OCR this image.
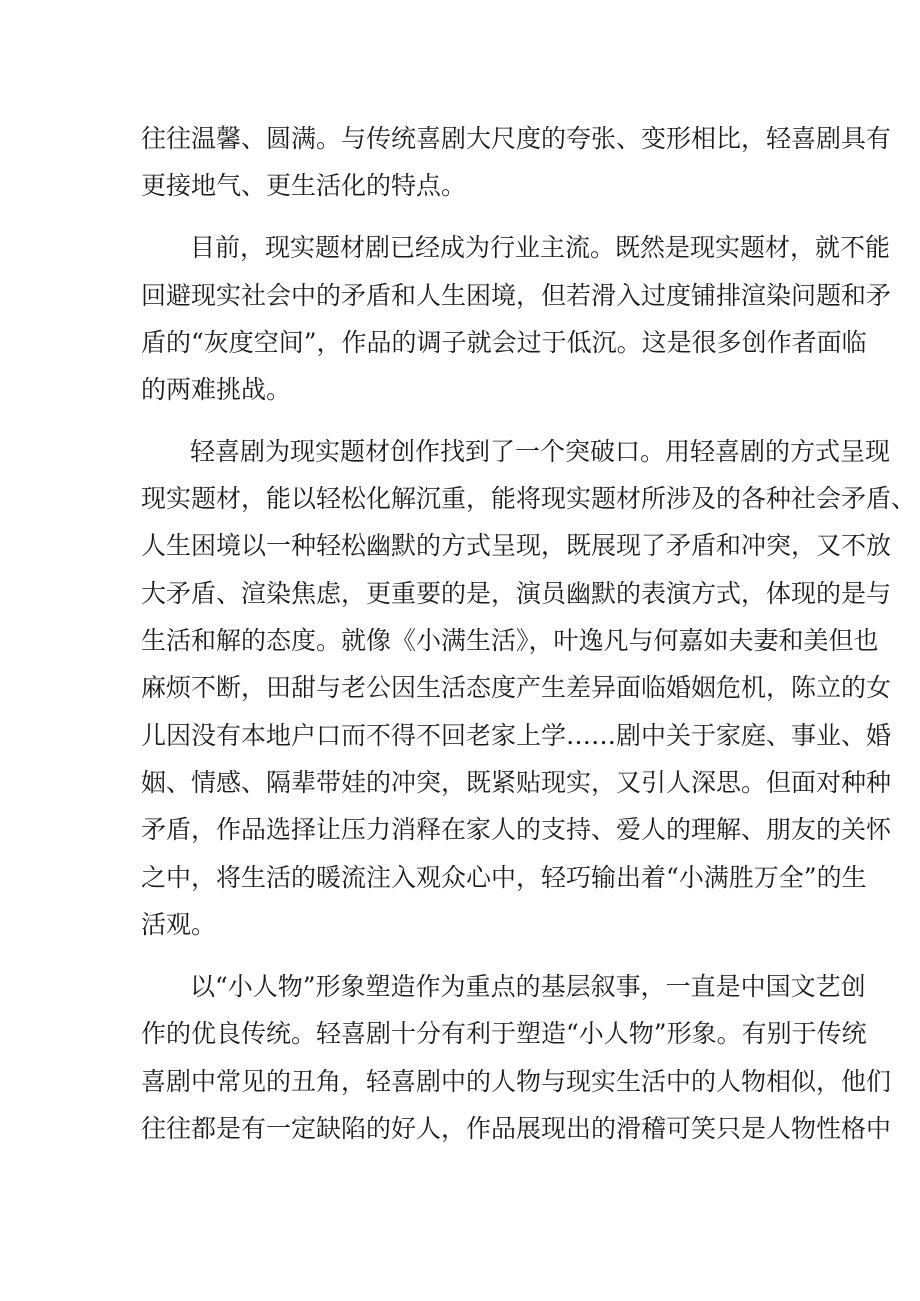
往往温馨、圆满。与传统喜剧大尺度的夸张、变形相比，轻喜剧具有
更接地气、更生活化的特点。
目前，现实题材剧已经成为行业主流。既然是现实题材，就不能
回避现实社会中的矛盾和人生困境，但若滑入过度铺排渲染问题和矛
盾的“灰度空间”，作品的调子就会过于低沉。这是很多创作者面临
的两难挑战。
轻喜剧为现实题材创作找到了一个突破口。用轻喜剧的方式呈现
现实题材，能以轻松化解沉重，能将现实题材所涉及的各种社会矛盾、
人生困境以一种轻松幽默的方式呈现，既展现了矛盾和冲突，又不放
大矛盾、渲染焦虑，更重要的是，演员幽默的表演方式，体现的是与
生活和解的态度。就像《小满生活》，叶逸凡与何嘉如夫妻和美但也
麻烦不断，田甜与老公因生活态度产生差异面临婚姻危机，陈立的女
儿因没有本地户口而不得不回老家上学……剧中关于家庭、事业、婚
姻、情感、隔辈带娃的冲突，既紧贴现实，又引人深思。但面对种种
矛盾，作品选择让压力消释在家人的支持、爱人的理解、朋友的关怀
之中，将生活的暖流注入观众心中，轻巧输出着“小满胜万全”的生
活观。
以“小人物”形象塑造作为重点的基层叙事，一直是中国文艺创
作的优良传统。轻喜剧十分有利于塑造“小人物”形象。有别于传统
喜剧中常见的丑角，轻喜剧中的人物与现实生活中的人物相似，他们
往往都是有一定缺陷的好人，作品展现出的滑稽可笑只是人物性格中
